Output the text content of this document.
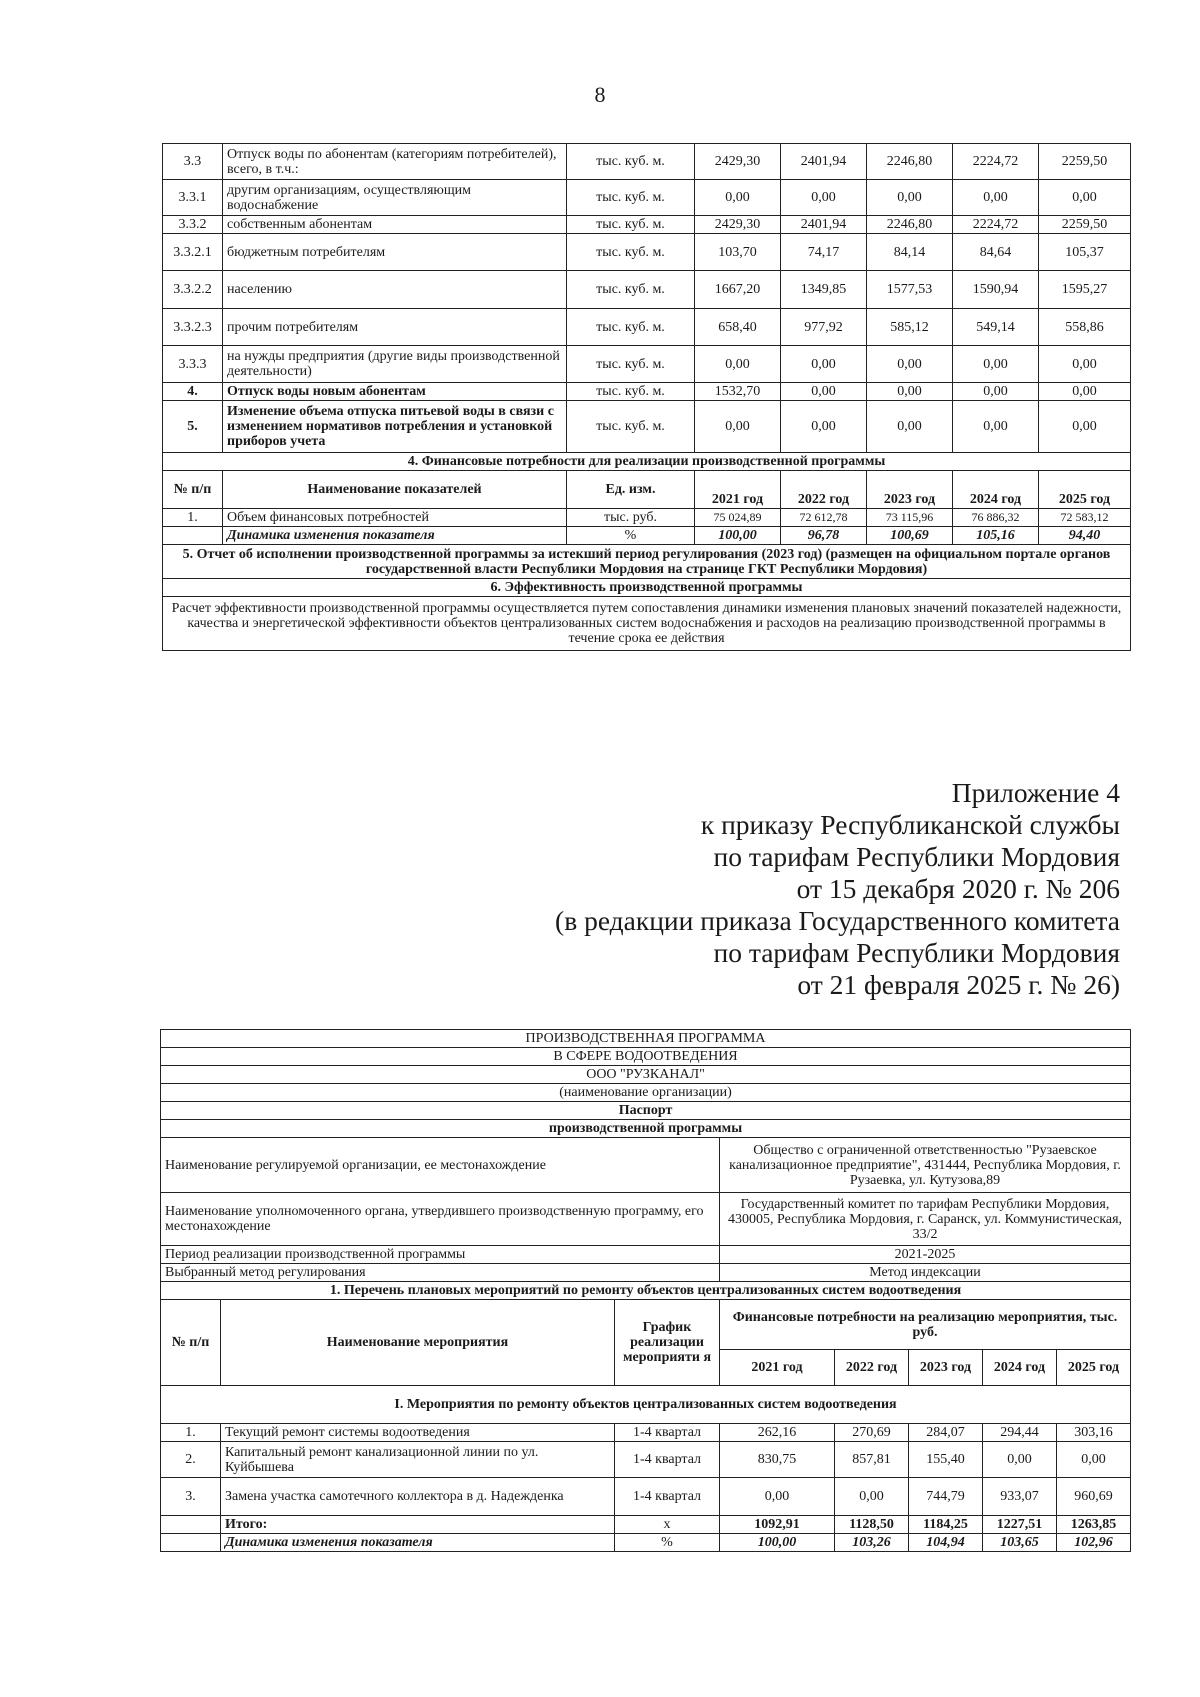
8
3.3	Отпуск воды по абонентам (категориям потребителей), всего, в т.ч.:	тыс. куб. м.	2429,30	2401,94	2246,80	2224,72	2259,50
3.3.1	другим организациям, осуществляющим водоснабжение	тыс. куб. м.	0,00	0,00	0,00	0,00	0,00
3.3.2	собственным абонентам	тыс. куб. м.	2429,30	2401,94	2246,80	2224,72	2259,50
3.3.2.1	бюджетным потребителям	тыс. куб. м.	103,70	74,17	84,14	84,64	105,37
3.3.2.2	населению	тыс. куб. м.	1667,20	1349,85	1577,53	1590,94	1595,27
3.3.2.3	прочим потребителям	тыс. куб. м.	658,40	977,92	585,12	549,14	558,86
3.3.3	на нужды предприятия (другие виды производственной деятельности)	тыс. куб. м.	0,00	0,00	0,00	0,00	0,00
4.	Отпуск воды новым абонентам	тыс. куб. м.	1532,70	0,00	0,00	0,00	0,00
5.	Изменение объема отпуска питьевой воды в связи с изменением нормативов потребления и установкой приборов учета	тыс. куб. м.	0,00	0,00	0,00	0,00	0,00
4. Финансовые потребности для реализации производственной программы							
№ п/п	Наименование показателей	Ед. изм.	2021 год	2022 год	2023 год	2024 год	2025 год
1.	Объем финансовых потребностей	тыс. руб.	75 024,89	72 612,78	73 115,96	76 886,32	72 583,12
	Динамика изменения показателя	%	100,00	96,78	100,69	105,16	94,40
5. Отчет об исполнении производственной программы за истекший период регулирования (2023 год) (размещен на официальном портале органов государственной власти Республики Мордовия на странице ГКТ Республики Мордовия)							
6. Эффективность производственной программы							
Расчет эффективности производственной программы осуществляется путем сопоставления динамики изменения плановых значений показателей надежности, качества и энергетической эффективности объектов централизованных систем водоснабжения и расходов на реализацию производственной программы в течение срока ее действия							
Приложение 4
к приказу Республиканской службы
по тарифам Республики Мордовия
от 15 декабря 2020 г. № 206
(в редакции приказа Государственного комитета
по тарифам Республики Мордовия
от 21 февраля 2025 г. № 26)
ПРОИЗВОДСТВЕННАЯ ПРОГРАММА							
В СФЕРЕ ВОДООТВЕДЕНИЯ							
ООО "РУЗКАНАЛ"							
(наименование организации)							
Паспорт							
производственной программы							
Наименование регулируемой организации, ее местонахождение			Общество с ограниченной ответственностью "Рузаевское канализационное предприятие", 431444, Республика Мордовия, г. Рузаевка, ул. Кутузова,89				
Наименование уполномоченного органа, утвердившего производственную программу, его местонахождение			Государственный комитет по тарифам Республики Мордовия, 430005, Республика Мордовия, г. Саранск, ул. Коммунистическая, 33/2				
Период реализации производственной программы			2021-2025				
Выбранный метод регулирования			Метод индексации				
1. Перечень плановых мероприятий по ремонту объектов централизованных систем водоотведения							
№ п/п	Наименование мероприятия	График реализации мероприяти я	Финансовые потребности на реализацию мероприятия, тыс. руб.				
			2021 год	2022 год	2023 год	2024 год	2025 год
I. Мероприятия по ремонту объектов централизованных систем водоотведения							
1.	Текущий ремонт системы водоотведения	1-4 квартал	262,16	270,69	284,07	294,44	303,16
2.	Капитальный ремонт канализационной линии по ул. Куйбышева	1-4 квартал	830,75	857,81	155,40	0,00	0,00
3.	Замена участка самотечного коллектора в д. Надежденка	1-4 квартал	0,00	0,00	744,79	933,07	960,69
	Итого:	x	1092,91	1128,50	1184,25	1227,51	1263,85
	Динамика изменения показателя	%	100,00	103,26	104,94	103,65	102,96
